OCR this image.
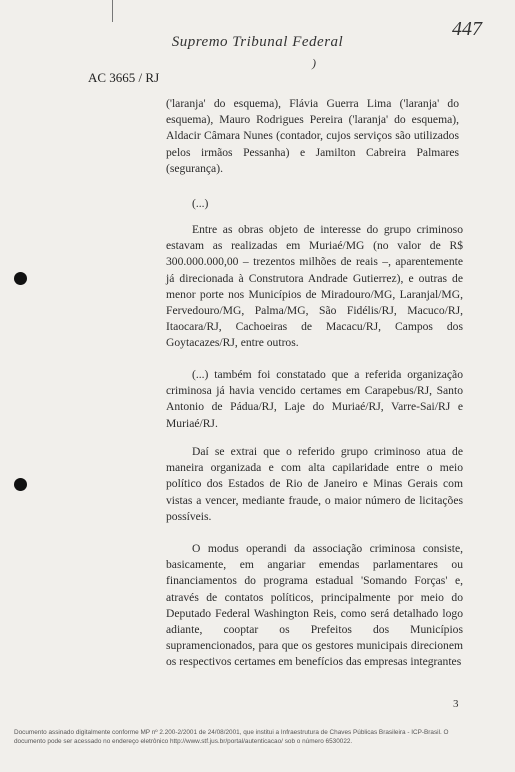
447
)
Supremo Tribunal Federal
AC 3665 / RJ
('laranja' do esquema), Flávia Guerra Lima ('laranja' do esquema), Mauro Rodrigues Pereira ('laranja' do esquema), Aldacir Câmara Nunes (contador, cujos serviços são utilizados pelos irmãos Pessanha) e Jamilton Cabreira Palmares (segurança).
(...)
Entre as obras objeto de interesse do grupo criminoso estavam as realizadas em Muriaé/MG (no valor de R$ 300.000.000,00 – trezentos milhões de reais –, aparentemente já direcionada à Construtora Andrade Gutierrez), e outras de menor porte nos Municípios de Miradouro/MG, Laranjal/MG, Fervedouro/MG, Palma/MG, São Fidélis/RJ, Macuco/RJ, Itaocara/RJ, Cachoeiras de Macacu/RJ, Campos dos Goytacazes/RJ, entre outros.
(...) também foi constatado que a referida organização criminosa já havia vencido certames em Carapebus/RJ, Santo Antonio de Pádua/RJ, Laje do Muriaé/RJ, Varre-Sai/RJ e Muriaé/RJ.
Daí se extrai que o referido grupo criminoso atua de maneira organizada e com alta capilaridade entre o meio político dos Estados de Rio de Janeiro e Minas Gerais com vistas a vencer, mediante fraude, o maior número de licitações possíveis.
O modus operandi da associação criminosa consiste, basicamente, em angariar emendas parlamentares ou financiamentos do programa estadual 'Somando Forças' e, através de contatos políticos, principalmente por meio do Deputado Federal Washington Reis, como será detalhado logo adiante, cooptar os Prefeitos dos Municípios supramencionados, para que os gestores municipais direcionem os respectivos certames em benefícios das empresas integrantes
3
Documento assinado digitalmente conforme MP nº 2.200-2/2001 de 24/08/2001, que institui a Infraestrutura de Chaves Públicas Brasileira - ICP-Brasil. O
documento pode ser acessado no endereço eletrônico http://www.stf.jus.br/portal/autenticacao/ sob o número 6530022.
